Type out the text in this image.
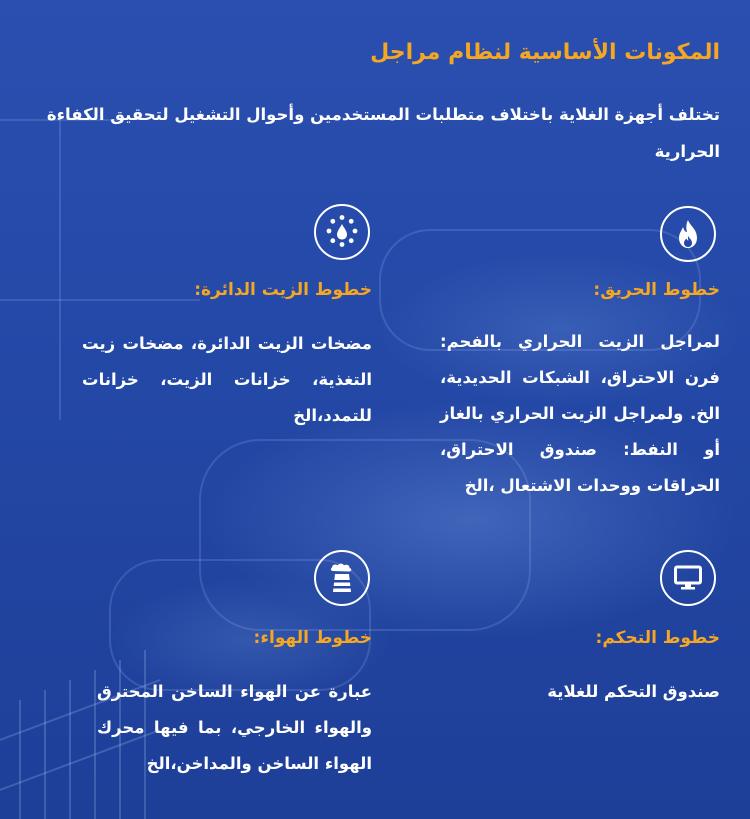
المكونات الأساسية لنظام مراجل

تختلف أجهزة الغلاية باختلاف متطلبات المستخدمين وأحوال التشغيل لتحقيق الكفاءة الحرارية

خطوط الحريق:

لمراجل الزيت الحراري بالفحم: فرن الاحتراق، الشبكات الحديدية، الخ. ولمراجل الزيت الحراري بالغاز أو النفط: صندوق الاحتراق، الحراقات ووحدات الاشتعال ،الخ

خطوط الزيت الدائرة:

مضخات الزيت الدائرة، مضخات زيت التغذية، خزانات الزيت، خزانات للتمدد،الخ

خطوط التحكم:

صندوق التحكم للغلاية

خطوط الهواء:

عبارة عن الهواء الساخن المحترق والهواء الخارجي، بما فيها محرك الهواء الساخن والمداخن،الخ
